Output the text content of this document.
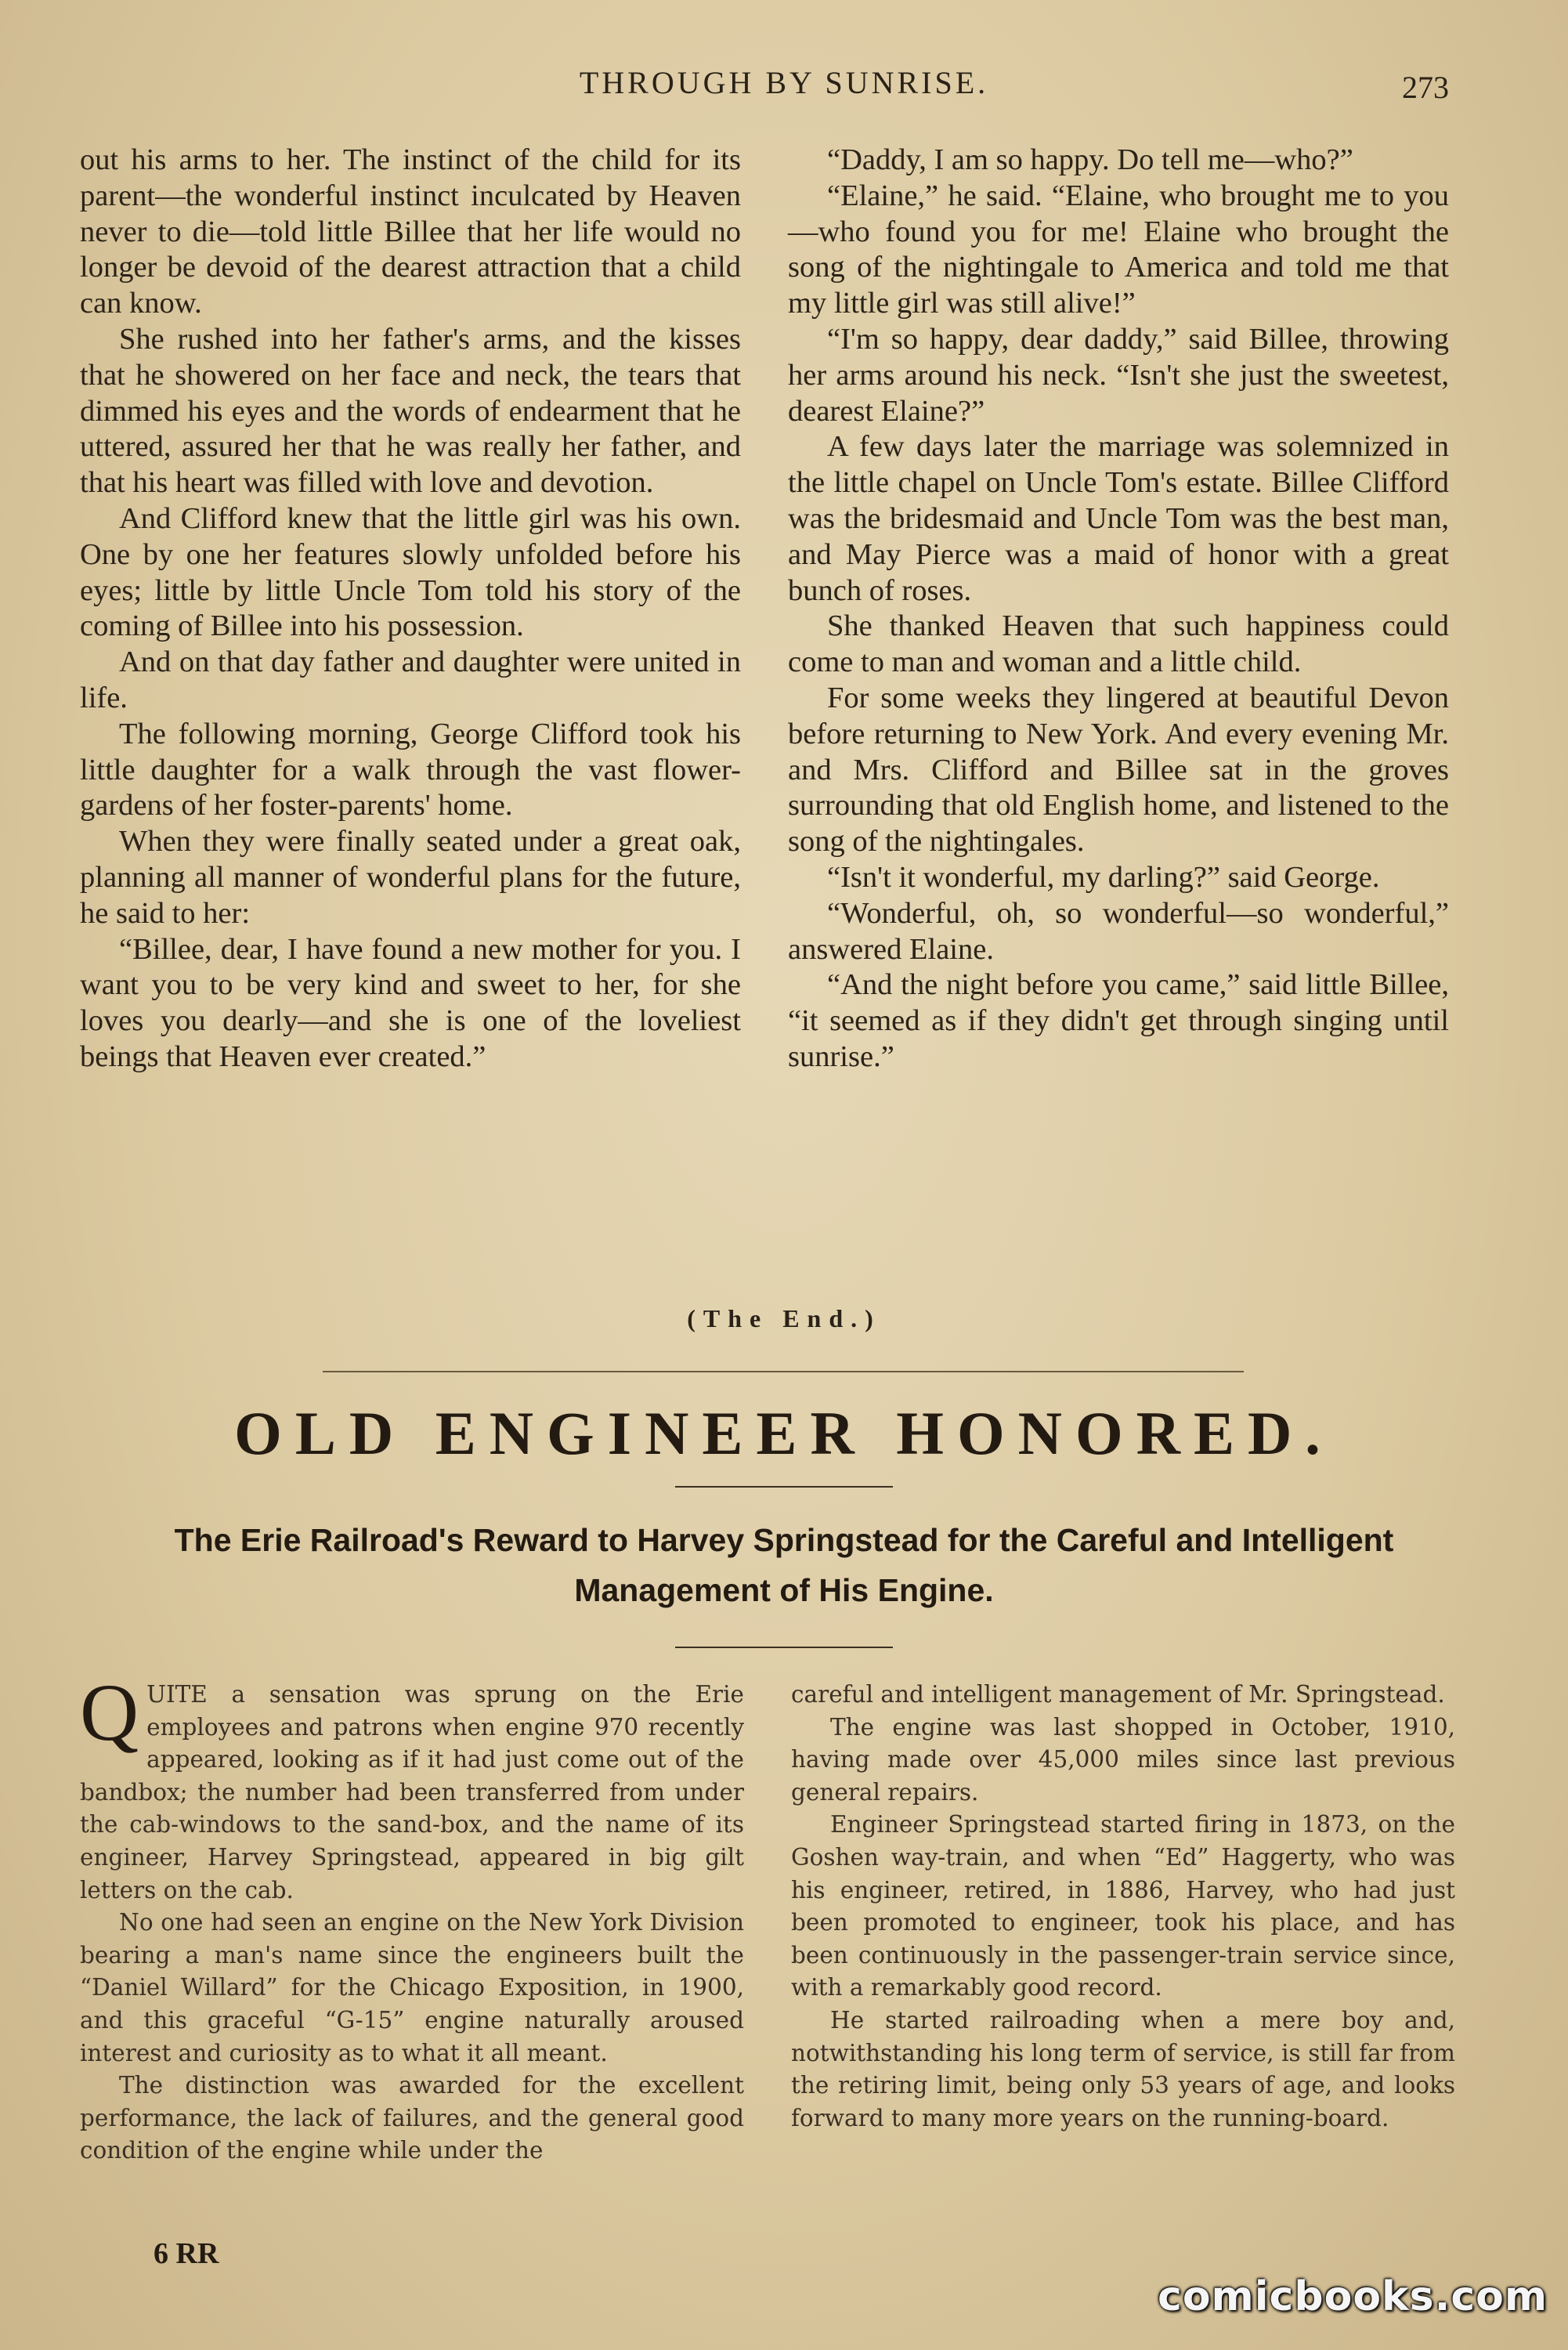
THROUGH BY SUNRISE.	273

out his arms to her. The instinct of the child for its parent—the wonderful instinct inculcated by Heaven never to die—told little Billee that her life would no longer be devoid of the dearest attraction that a child can know.

She rushed into her father's arms, and the kisses that he showered on her face and neck, the tears that dimmed his eyes and the words of endearment that he uttered, assured her that he was really her father, and that his heart was filled with love and devotion.

And Clifford knew that the little girl was his own. One by one her features slowly unfolded before his eyes; little by little Uncle Tom told his story of the coming of Billee into his possession.

And on that day father and daughter were united in life.

The following morning, George Clifford took his little daughter for a walk through the vast flower-gardens of her foster-parents' home.

When they were finally seated under a great oak, planning all manner of wonderful plans for the future, he said to her:

“Billee, dear, I have found a new mother for you. I want you to be very kind and sweet to her, for she loves you dearly—and she is one of the loveliest beings that Heaven ever created.”

“Daddy, I am so happy. Do tell me—who?”

“Elaine,” he said. “Elaine, who brought me to you—who found you for me! Elaine who brought the song of the nightingale to America and told me that my little girl was still alive!”

“I'm so happy, dear daddy,” said Billee, throwing her arms around his neck. “Isn't she just the sweetest, dearest Elaine?”

A few days later the marriage was solemnized in the little chapel on Uncle Tom's estate. Billee Clifford was the bridesmaid and Uncle Tom was the best man, and May Pierce was a maid of honor with a great bunch of roses.

She thanked Heaven that such happiness could come to man and woman and a little child.

For some weeks they lingered at beautiful Devon before returning to New York. And every evening Mr. and Mrs. Clifford and Billee sat in the groves surrounding that old English home, and listened to the song of the nightingales.

“Isn't it wonderful, my darling?” said George.

“Wonderful, oh, so wonderful—so wonderful,” answered Elaine.

“And the night before you came,” said little Billee, “it seemed as if they didn't get through singing until sunrise.”

(The End.)
OLD ENGINEER HONORED.
The Erie Railroad's Reward to Harvey Springstead for the Careful and Intelligent Management of His Engine.

QUITE a sensation was sprung on the Erie employees and patrons when engine 970 recently appeared, looking as if it had just come out of the bandbox; the number had been transferred from under the cab-windows to the sand-box, and the name of its engineer, Harvey Springstead, appeared in big gilt letters on the cab.

No one had seen an engine on the New York Division bearing a man's name since the engineers built the “Daniel Willard” for the Chicago Exposition, in 1900, and this graceful “G-15” engine naturally aroused interest and curiosity as to what it all meant.

The distinction was awarded for the excellent performance, the lack of failures, and the general good condition of the engine while under the

careful and intelligent management of Mr. Springstead.

The engine was last shopped in October, 1910, having made over 45,000 miles since last previous general repairs.

Engineer Springstead started firing in 1873, on the Goshen way-train, and when “Ed” Haggerty, who was his engineer, retired, in 1886, Harvey, who had just been promoted to engineer, took his place, and has been continuously in the passenger-train service since, with a remarkably good record.

He started railroading when a mere boy and, notwithstanding his long term of service, is still far from the retiring limit, being only 53 years of age, and looks forward to many more years on the running-board.

6 RR
comicbooks.com
